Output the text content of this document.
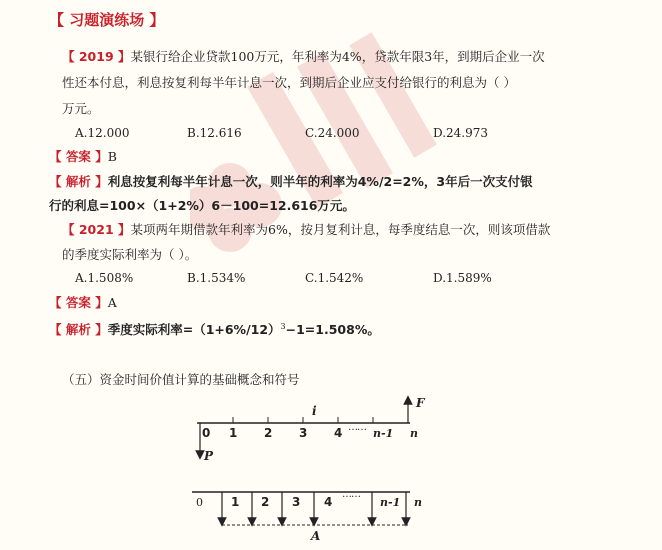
【 习题演练场 】
【 2019 】某银行给企业贷款100万元，年利率为4%，贷款年限3年，到期后企业一次
性还本付息，利息按复利每半年计息一次，到期后企业应支付给银行的利息为（ ）
万元。
A.12.000	B.12.616	C.24.000	D.24.973
【 答案 】B
【 解析 】利息按复利每半年计息一次，则半年的利率为4%/2=2%，3年后一次支付银
行的利息=100×（1+2%）6－100=12.616万元。
【 2021 】某项两年期借款年利率为6%，按月复利计息，每季度结息一次，则该项借款
的季度实际利率为（ ）。
A.1.508%	B.1.534%	C.1.542%	D.1.589%
【 答案 】A
【 解析 】季度实际利率$=(1+6\%/12)^3-1=1.508\%$。
（五）资金时间价值计算的基础概念和符号
0 1 2 3 4 …… n-1 n
i
P
F
0 1 2 3 4
……
n-1 n
A
